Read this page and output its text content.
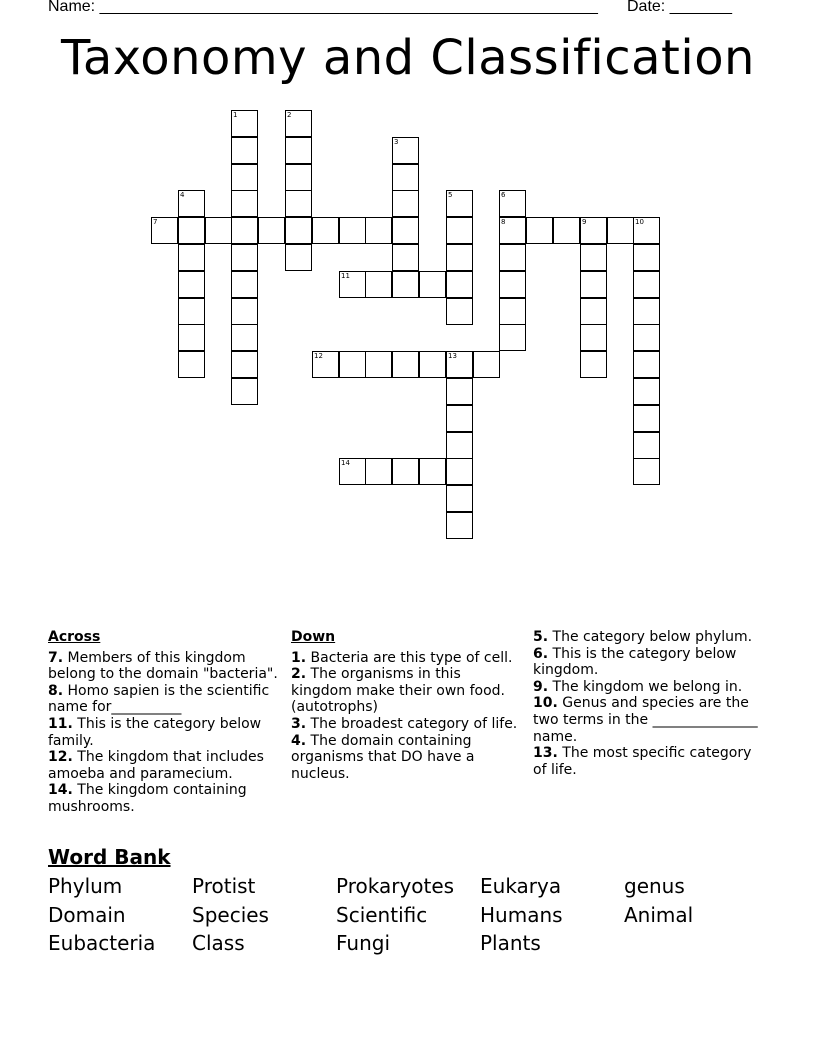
Name: ________________________________________________________ Date: _______
Taxonomy and Classification
1	2
3
4	5	6
8
7	9	10
11
12	13
14
Across

7. Members of this kingdom belong to the domain "bacteria".

8. Homo sapien is the scientific name for__________

11. This is the category below family.

12. The kingdom that includes amoeba and paramecium.

14. The kingdom containing mushrooms.

Down

1. Bacteria are this type of cell.

2. The organisms in this kingdom make their own food. (autotrophs)

3. The broadest category of life.

4. The domain containing organisms that DO have a nucleus.

5. The category below phylum.

6. This is the category below kingdom.

9. The kingdom we belong in.

10. Genus and species are the two terms in the _______________ name.

13. The most specific category of life.

Word Bank
Phylum	Protist	Prokaryotes Eukarya	genus
Domain	Species	Scientific	Humans	Animal
Eubacteria Class	Fungi	Plants
